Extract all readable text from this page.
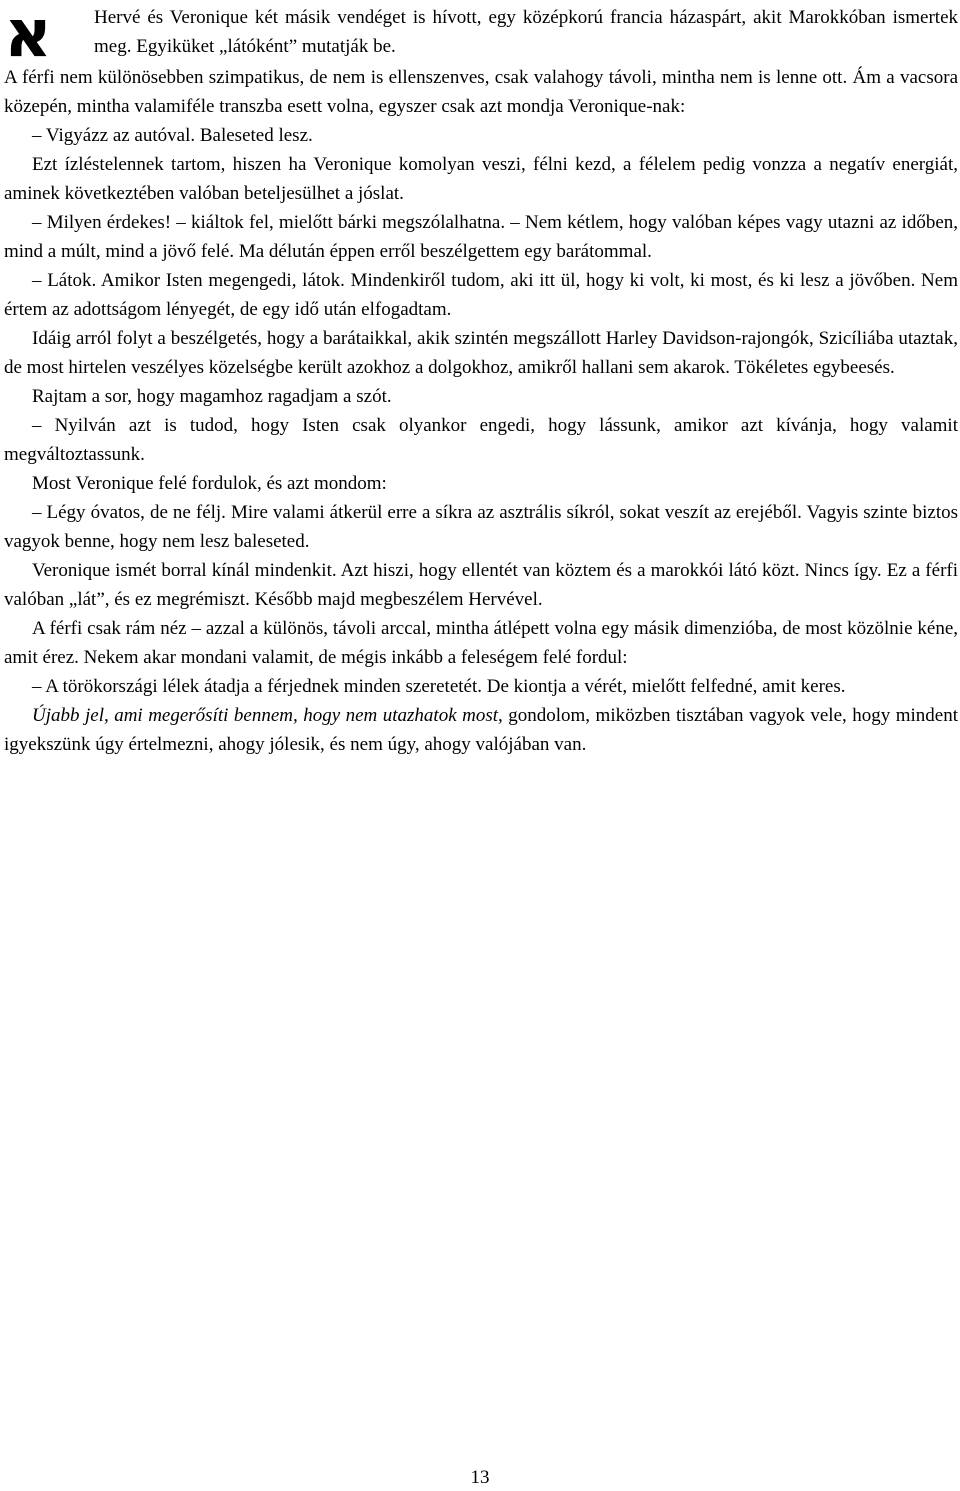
א	Hervé és Veronique két másik vendéget is hívott, egy középkorú francia házaspárt, akit Marokkóban ismertek meg. Egyiküket „látóként” mutatják be.

A férfi nem különösebben szimpatikus, de nem is ellenszenves, csak valahogy távoli, mintha nem is lenne ott. Ám a vacsora közepén, mintha valamiféle transzba esett volna, egyszer csak azt mondja Veronique-nak:

– Vigyázz az autóval. Baleseted lesz.

Ezt ízléstelennek tartom, hiszen ha Veronique komolyan veszi, félni kezd, a félelem pedig vonzza a negatív energiát, aminek következtében valóban beteljesülhet a jóslat.

– Milyen érdekes! – kiáltok fel, mielőtt bárki megszólalhatna. – Nem kétlem, hogy valóban képes vagy utazni az időben, mind a múlt, mind a jövő felé. Ma délután éppen erről beszélgettem egy barátommal.

– Látok. Amikor Isten megengedi, látok. Mindenkiről tudom, aki itt ül, hogy ki volt, ki most, és ki lesz a jövőben. Nem értem az adottságom lényegét, de egy idő után elfogadtam.

Idáig arról folyt a beszélgetés, hogy a barátaikkal, akik szintén megszállott Harley Davidson-rajongók, Szicíliába utaztak, de most hirtelen veszélyes közelségbe került azokhoz a dolgokhoz, amikről hallani sem akarok. Tökéletes egybeesés.

Rajtam a sor, hogy magamhoz ragadjam a szót.

– Nyilván azt is tudod, hogy Isten csak olyankor engedi, hogy lássunk, amikor azt kívánja, hogy valamit megváltoztassunk.

Most Veronique felé fordulok, és azt mondom:

– Légy óvatos, de ne félj. Mire valami átkerül erre a síkra az asztrális síkról, sokat veszít az erejéből. Vagyis szinte biztos vagyok benne, hogy nem lesz baleseted.

Veronique ismét borral kínál mindenkit. Azt hiszi, hogy ellentét van köztem és a marokkói látó közt. Nincs így. Ez a férfi valóban „lát”, és ez megrémiszt. Később majd megbeszélem Hervével.

A férfi csak rám néz – azzal a különös, távoli arccal, mintha átlépett volna egy másik dimenzióba, de most közölnie kéne, amit érez. Nekem akar mondani valamit, de mégis inkább a feleségem felé fordul:

– A törökországi lélek átadja a férjednek minden szeretetét. De kiontja a vérét, mielőtt felfedné, amit keres.

Újabb jel, ami megerősíti bennem, hogy nem utazhatok most, gondolom, miközben tisztában vagyok vele, hogy mindent igyekszünk úgy értelmezni, ahogy jólesik, és nem úgy, ahogy valójában van.

13
